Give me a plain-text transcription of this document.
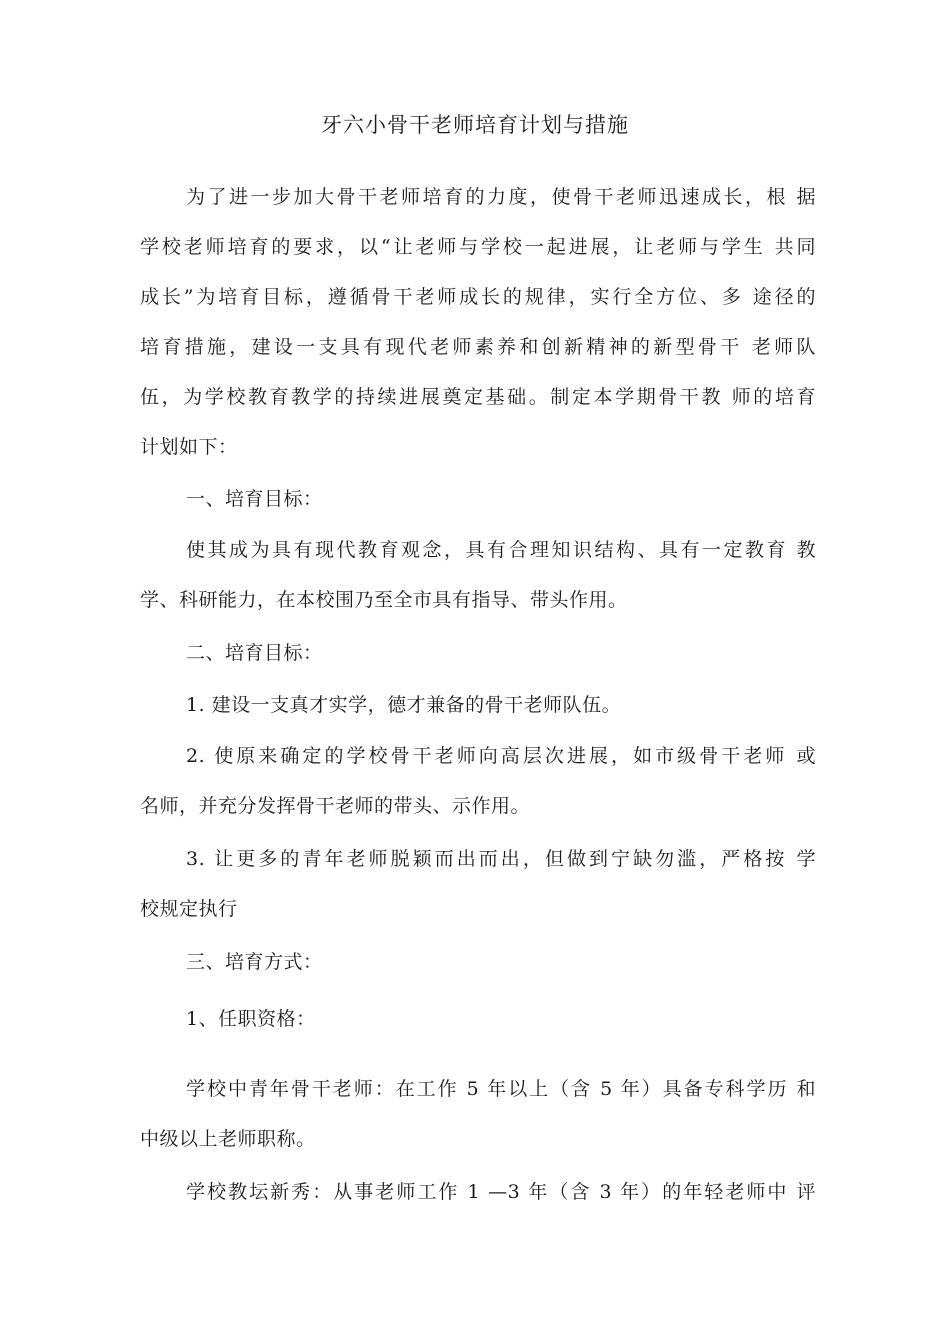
牙六小骨干老师培育计划与措施
为了进一步加大骨干老师培育的力度，使骨干老师迅速成长，根 据
学校老师培育的要求，以“让老师与学校一起进展，让老师与学生 共同
成长”为培育目标，遵循骨干老师成长的规律，实行全方位、多 途径的
培育措施，建设一支具有现代老师素养和创新精神的新型骨干 老师队
伍，为学校教育教学的持续进展奠定基础。制定本学期骨干教 师的培育
计划如下：
一、培育目标：
使其成为具有现代教育观念，具有合理知识结构、具有一定教育 教
学、科研能力，在本校围乃至全市具有指导、带头作用。
二、培育目标：
1. 建设一支真才实学，德才兼备的骨干老师队伍。
2. 使原来确定的学校骨干老师向高层次进展，如市级骨干老师 或
名师，并充分发挥骨干老师的带头、示作用。
3. 让更多的青年老师脱颖而出而出，但做到宁缺勿滥，严格按 学
校规定执行
三、培育方式：
1、任职资格：
学校中青年骨干老师：在工作 5 年以上（含 5 年）具备专科学历 和
中级以上老师职称。
学校教坛新秀：从事老师工作 1 —3 年（含 3 年）的年轻老师中 评
